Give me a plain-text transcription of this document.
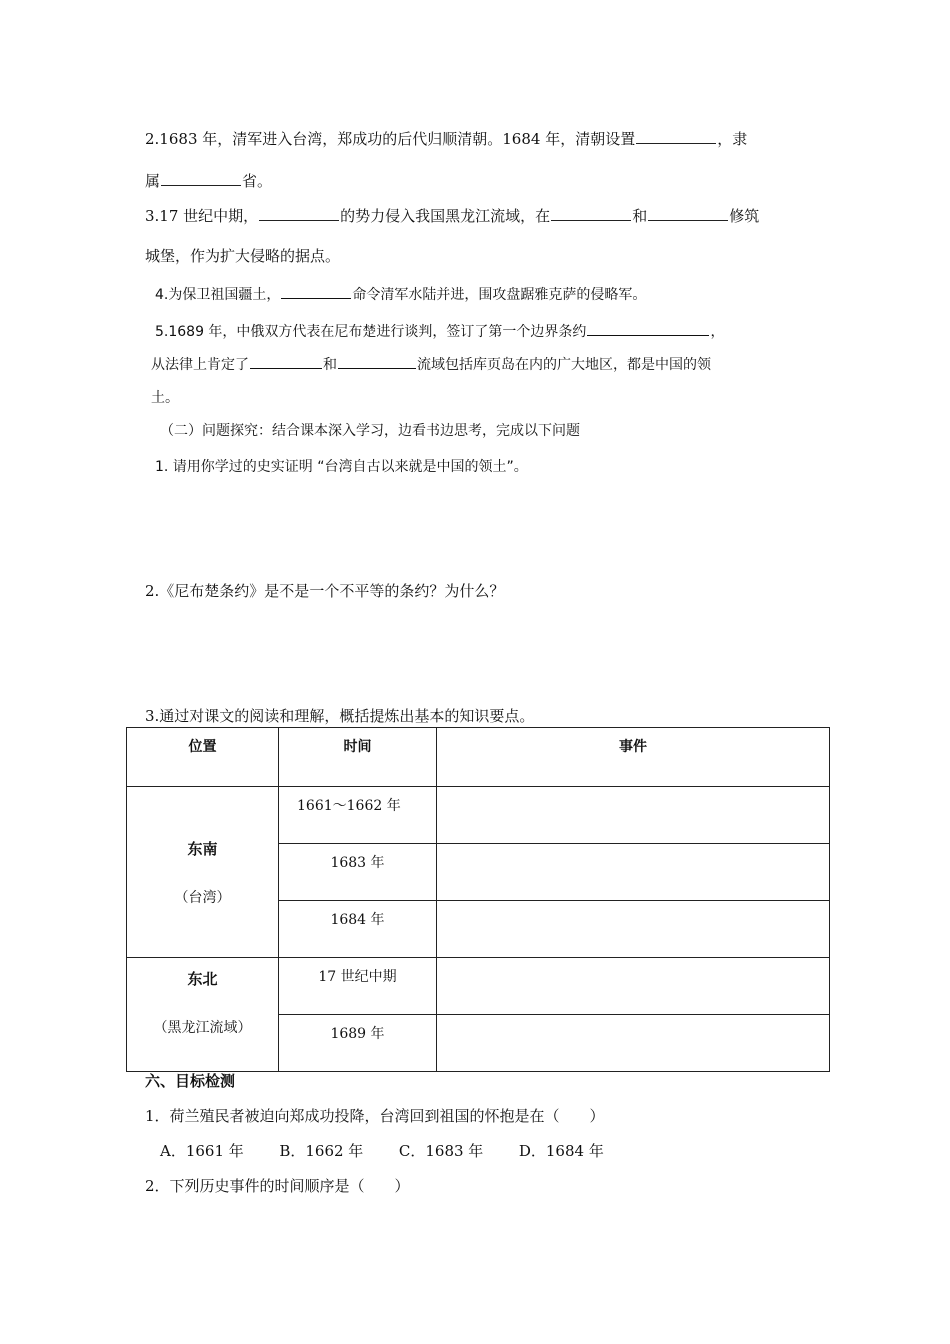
2.1683 年，清军进入台湾，郑成功的后代归顺清朝。1684 年，清朝设置	，隶
属	省。
3.17 世纪中期，	的势力侵入我国黑龙江流域，在	和	修筑
城堡，作为扩大侵略的据点。
4.为保卫祖国疆土，	命令清军水陆并进，围攻盘踞雅克萨的侵略军。
5.1689 年，中俄双方代表在尼布楚进行谈判，签订了第一个边界条约	，
从法律上肯定了	和	流域包括库页岛在内的广大地区，都是中国的领
土。
（二）问题探究：结合课本深入学习，边看书边思考，完成以下问题
1. 请用你学过的史实证明 “台湾自古以来就是中国的领土”。
2.《尼布楚条约》是不是一个不平等的条约？为什么？
3.通过对课文的阅读和理解，概括提炼出基本的知识要点。
位置	时间	事件

东南
（台湾）	1661～1662 年	
	1683 年	
	1684 年	

东北
（黑龙江流域）	17 世纪中期	
	1689 年	
六、目标检测
1．荷兰殖民者被迫向郑成功投降，台湾回到祖国的怀抱是在（　　）
A．1661 年 B．1662 年 C．1683 年 D．1684 年
2．下列历史事件的时间顺序是（　　）
